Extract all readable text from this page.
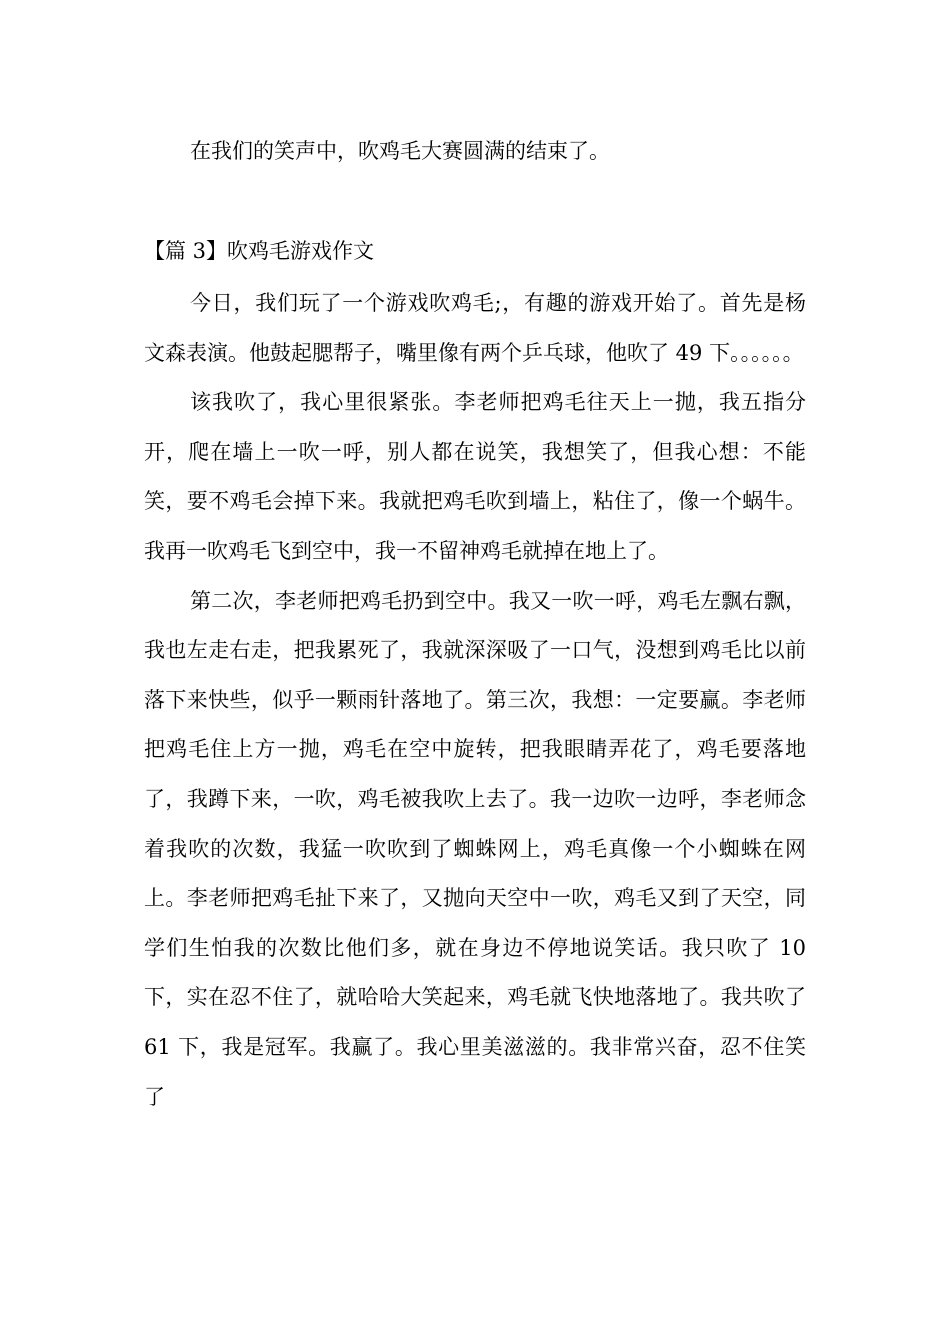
在我们的笑声中，吹鸡毛大赛圆满的结束了。
【篇 3】吹鸡毛游戏作文

今日，我们玩了一个游戏吹鸡毛;，有趣的游戏开始了。首先是杨文森表演。他鼓起腮帮子，嘴里像有两个乒乓球，他吹了 49 下。。。。。。

该我吹了，我心里很紧张。李老师把鸡毛往天上一抛，我五指分开，爬在墙上一吹一呼，别人都在说笑，我想笑了，但我心想：不能笑，要不鸡毛会掉下来。我就把鸡毛吹到墙上，粘住了，像一个蜗牛。我再一吹鸡毛飞到空中，我一不留神鸡毛就掉在地上了。

第二次，李老师把鸡毛扔到空中。我又一吹一呼，鸡毛左飘右飘，我也左走右走，把我累死了，我就深深吸了一口气，没想到鸡毛比以前落下来快些，似乎一颗雨针落地了。第三次，我想：一定要赢。李老师把鸡毛住上方一抛，鸡毛在空中旋转，把我眼睛弄花了，鸡毛要落地了，我蹲下来，一吹，鸡毛被我吹上去了。我一边吹一边呼，李老师念着我吹的次数，我猛一吹吹到了蜘蛛网上，鸡毛真像一个小蜘蛛在网上。李老师把鸡毛扯下来了，又抛向天空中一吹，鸡毛又到了天空，同学们生怕我的次数比他们多，就在身边不停地说笑话。我只吹了 10 下，实在忍不住了，就哈哈大笑起来，鸡毛就飞快地落地了。我共吹了 61 下，我是冠军。我赢了。我心里美滋滋的。我非常兴奋，忍不住笑了
